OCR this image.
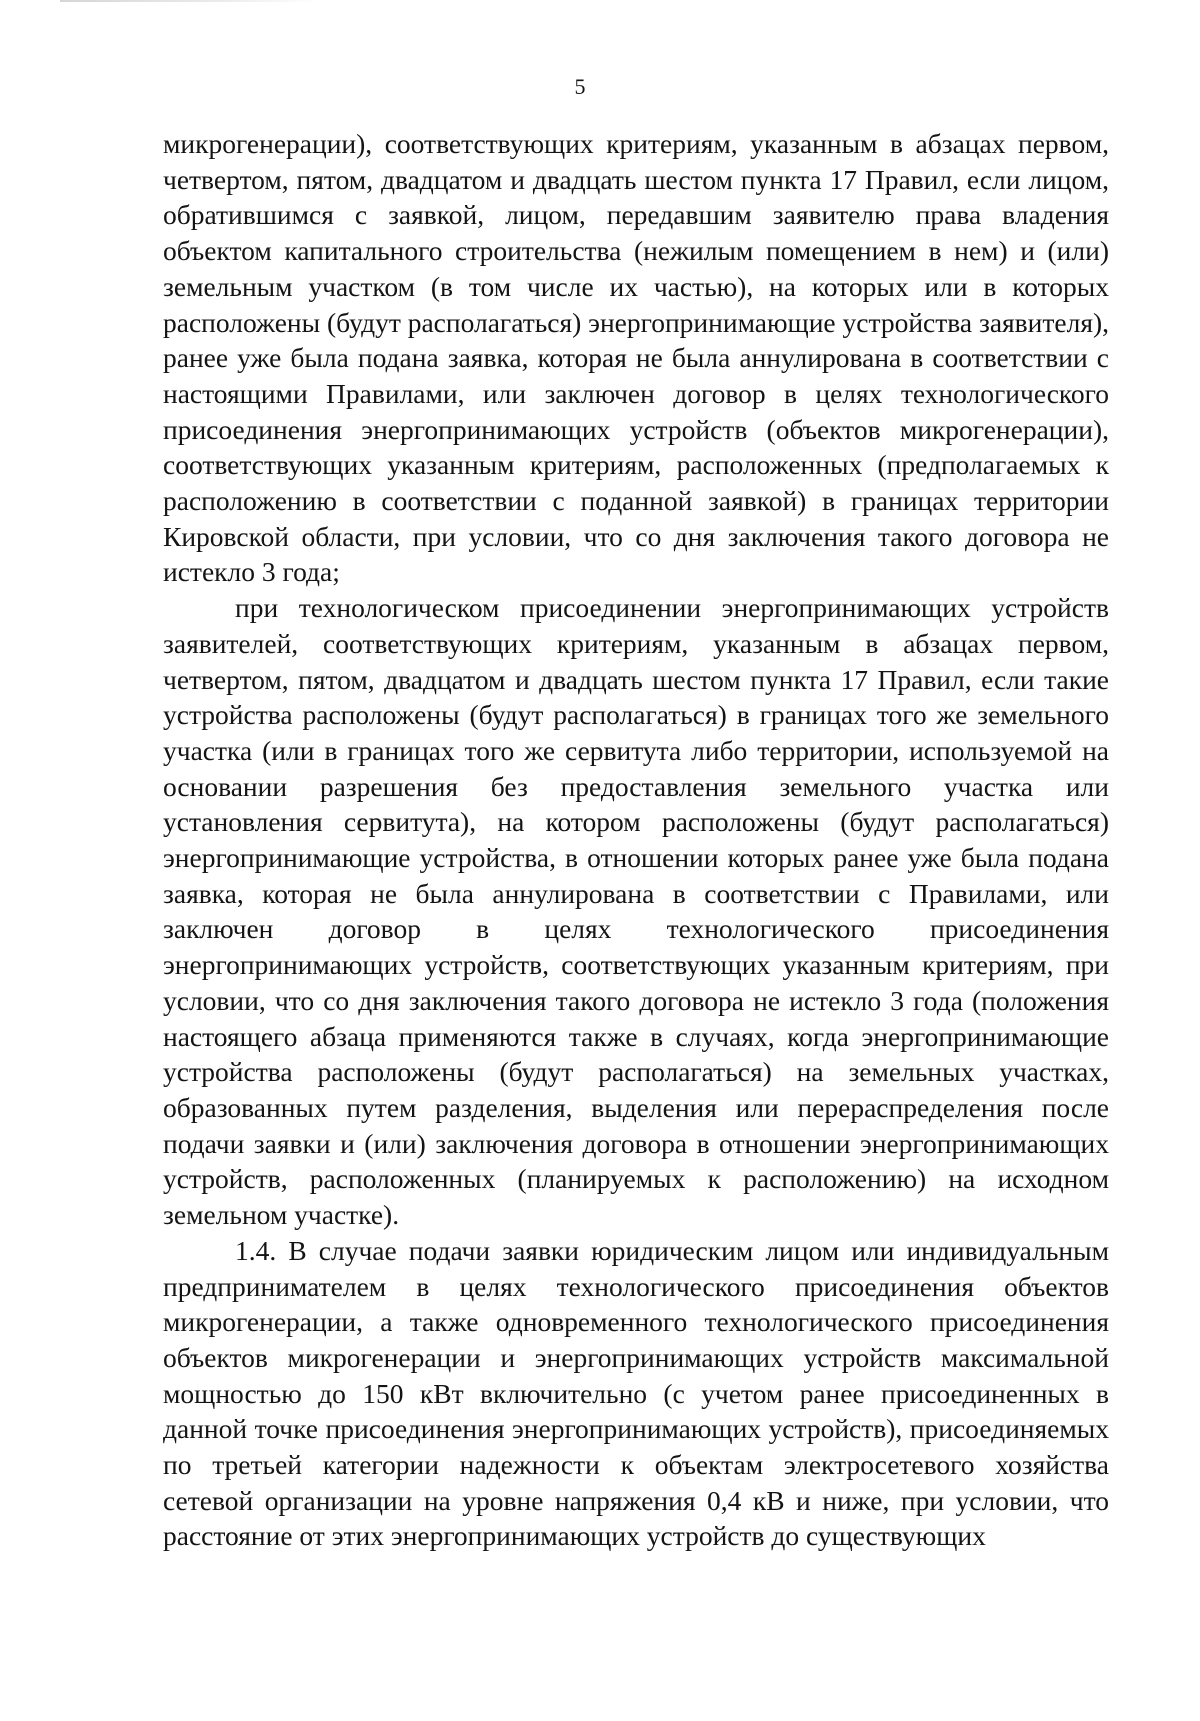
5

микрогенерации), соответствующих критериям, указанным в абзацах первом, четвертом, пятом, двадцатом и двадцать шестом пункта 17 Правил, если лицом, обратившимся с заявкой, лицом, передавшим заявителю права владения объектом капитального строительства (нежилым помещением в нем) и (или) земельным участком (в том числе их частью), на которых или в которых расположены (будут располагаться) энергопринимающие устройства заявителя), ранее уже была подана заявка, которая не была аннулирована в соответствии с настоящими Правилами, или заключен договор в целях технологического присоединения энергопринимающих устройств (объектов микрогенерации), соответствующих указанным критериям, расположенных (предполагаемых к расположению в соответствии с поданной заявкой) в границах территории Кировской области, при условии, что со дня заключения такого договора не истекло 3 года;

при технологическом присоединении энергопринимающих устройств заявителей, соответствующих критериям, указанным в абзацах первом, четвертом, пятом, двадцатом и двадцать шестом пункта 17 Правил, если такие устройства расположены (будут располагаться) в границах того же земельного участка (или в границах того же сервитута либо территории, используемой на основании разрешения без предоставления земельного участка или установления сервитута), на котором расположены (будут располагаться) энергопринимающие устройства, в отношении которых ранее уже была подана заявка, которая не была аннулирована в соответствии с Правилами, или заключен договор в целях технологического присоединения энергопринимающих устройств, соответствующих указанным критериям, при условии, что со дня заключения такого договора не истекло 3 года (положения настоящего абзаца применяются также в случаях, когда энергопринимающие устройства расположены (будут располагаться) на земельных участках, образованных путем разделения, выделения или перераспределения после подачи заявки и (или) заключения договора в отношении энергопринимающих устройств, расположенных (планируемых к расположению) на исходном земельном участке).

1.4. В случае подачи заявки юридическим лицом или индивидуальным предпринимателем в целях технологического присоединения объектов микрогенерации, а также одновременного технологического присоединения объектов микрогенерации и энергопринимающих устройств максимальной мощностью до 150 кВт включительно (с учетом ранее присоединенных в данной точке присоединения энергопринимающих устройств), присоединяемых по третьей категории надежности к объектам электросетевого хозяйства сетевой организации на уровне напряжения 0,4 кВ и ниже, при условии, что расстояние от этих энергопринимающих устройств до существующих
